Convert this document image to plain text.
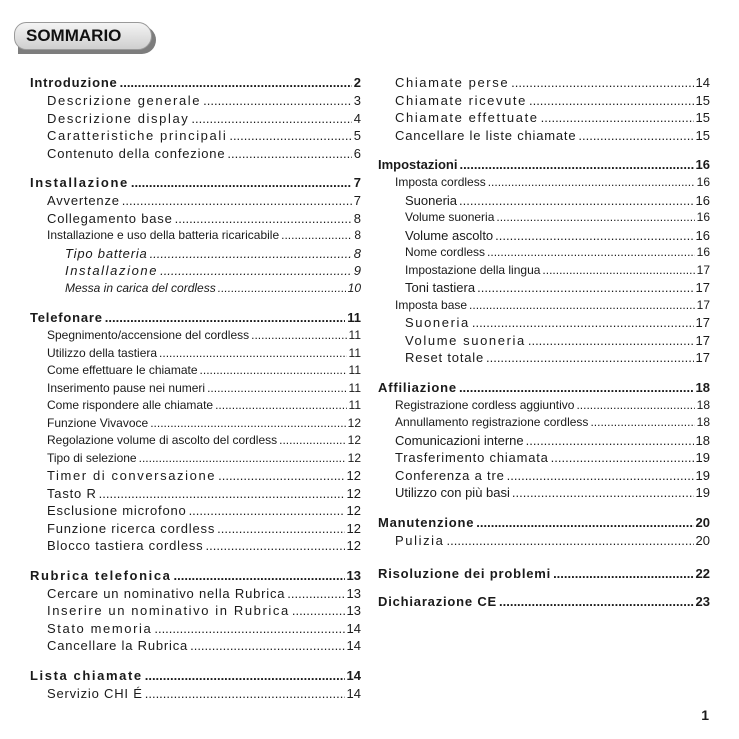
SOMMARIO
Introduzione .....	2
Descrizione generale .....	3
Descrizione display .....	4
Caratteristiche principali .....	5
Contenuto della confezione .....	6
Installazione .....	7
Avvertenze .....	7
Collegamento base .....	8
Installazione e uso della batteria ricaricabile .....	8
Tipo batteria .....	8
Installazione .....	9
Messa in carica del cordless .....	10
Telefonare .....	11
Spegnimento/accensione del cordless .....	11
Utilizzo della tastiera .....	11
Come effettuare le chiamate .....	11
Inserimento pause nei numeri .....	11
Come rispondere alle chiamate .....	11
Funzione Vivavoce .....	12
Regolazione volume di ascolto del cordless .....	12
Tipo di selezione .....	12
Timer di conversazione .....	12
Tasto R .....	12
Esclusione microfono .....	12
Funzione ricerca cordless .....	12
Blocco tastiera cordless .....	12
Rubrica telefonica .....	13
Cercare un nominativo nella Rubrica .....	13
Inserire un nominativo in Rubrica .....	13
Stato memoria .....	14
Cancellare la Rubrica .....	14
Lista chiamate .....	14
Servizio CHI É .....	14
Chiamate perse .....	14
Chiamate ricevute .....	15
Chiamate effettuate .....	15
Cancellare le liste chiamate .....	15
Impostazioni .....	16
Imposta cordless .....	16
Suoneria .....	16
Volume suoneria .....	16
Volume ascolto .....	16
Nome cordless .....	16
Impostazione della lingua .....	17
Toni tastiera .....	17
Imposta base .....	17
Suoneria .....	17
Volume suoneria .....	17
Reset totale .....	17
Affiliazione .....	18
Registrazione cordless aggiuntivo .....	18
Annullamento registrazione cordless .....	18
Comunicazioni interne .....	18
Trasferimento chiamata .....	19
Conferenza a tre .....	19
Utilizzo con più basi .....	19
Manutenzione .....	20
Pulizia .....	20
Risoluzione dei problemi .....	22
Dichiarazione CE .....	23
1
